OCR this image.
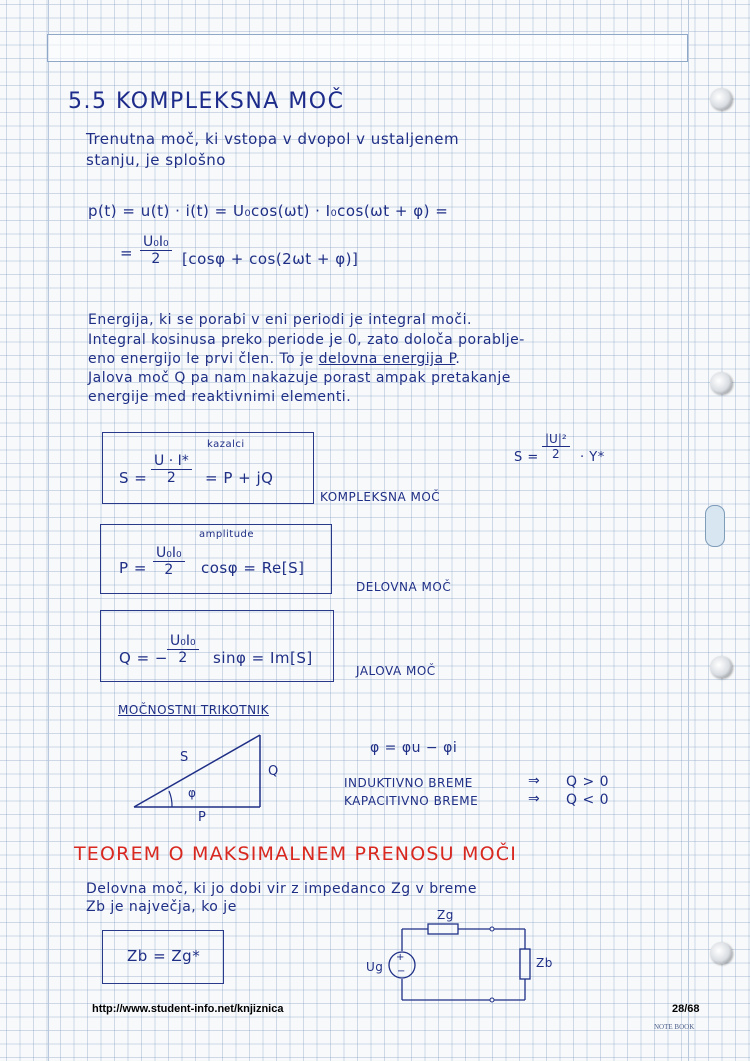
5.5 KOMPLEKSNA MOČ
Trenutna moč, ki vstopa v dvopol v ustaljenem
stanju, je splošno
p(t) = u(t) · i(t) = U₀cos(ωt) · I₀cos(ωt + φ) =
= $\frac{\text{U₀I₀}}{2} [\cos\varphi + \cos(2\omega t + \varphi)]$
Energija, ki se porabi v eni periodi je integral moči.
Integral kosinusa preko periode je 0, zato določa porablje-
eno energijo le prvi člen. To je delovna energija P.
Jalova moč Q pa nam nakazuje porast ampak pretakanje
energije med reaktivnimi elementi.
kazalci
$S = \frac{U \cdot I*}{2} = P$ + jQ
KOMPLEKSNA MOČ
$S = \frac{\text{|U|²}}{2} \cdot Y*$
amplitude
$P = \frac{\text{U₀I₀}}{2}$ cosφ = Re[S]
DELOVNA MOČ
Q = − $\frac{\text{U₀I₀}}{2}$ sinφ = Im[S]
JALOVA MOČ
MOČNOSTNI TRIKOTNIK
S
Q
P
φ
φ = φu − φi
INDUKTIVNO BREME	⇒ Q > 0
KAPACITIVNO BREME	⇒ Q < 0
TEOREM O MAKSIMALNEM PRENOSU MOČI
Delovna moč, ki jo dobi vir z impedanco Zg v breme
Zb je največja, ko je
Zb = Zg*	+
−
Zg
Zb
Ug
http://www.student-info.net/knjiznica	28/68
NOTE BOOK
